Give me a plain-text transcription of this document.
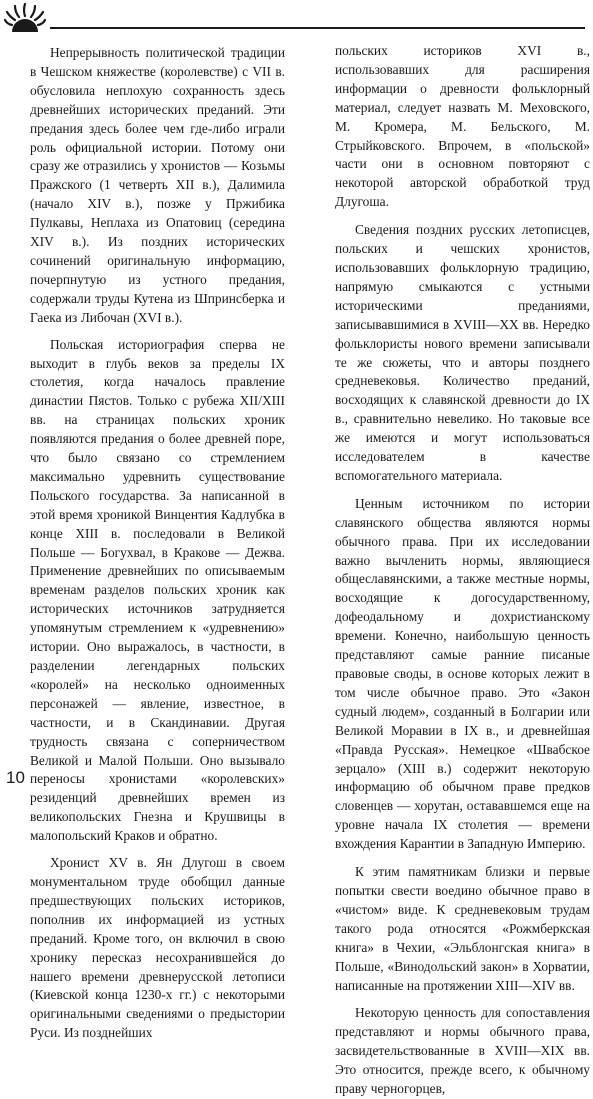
Непрерывность политической традиции в Чешском княжестве (королевстве) с VII в. обусловила неплохую сохранность здесь древнейших исторических преданий. Эти предания здесь более чем где-либо играли роль официальной истории. Потому они сразу же отразились у хронистов — Козьмы Пражского (1 четверть XII в.), Далимила (начало XIV в.), позже у Пржибика Пулкавы, Неплаха из Опатовиц (середина XIV в.). Из поздних исторических сочинений оригинальную информацию, почерпнутую из устного предания, содержали труды Кутена из Шпринсберка и Гаека из Либочан (XVI в.).

Польская историография сперва не выходит в глубь веков за пределы IX столетия, когда началось правление династии Пястов. Только с рубежа XII/XIII вв. на страницах польских хроник появляются предания о более древней поре, что было связано со стремлением максимально удревнить существование Польского государства. За написанной в этой время хроникой Винцентия Кадлубка в конце XIII в. последовали в Великой Польше — Богухвал, в Кракове — Дежва. Применение древнейших по описываемым временам разделов польских хроник как исторических источников затрудняется упомянутым стремлением к «удревнению» истории. Оно выражалось, в частности, в разделении легендарных польских «королей» на несколько одноименных персонажей — явление, известное, в частности, и в Скандинавии. Другая трудность связана с соперничеством Великой и Малой Польши. Оно вызывало переносы хронистами «королевских» резиденций древнейших времен из великопольских Гнезна и Крушвицы в малопольский Краков и обратно.

Хронист XV в. Ян Длугош в своем монументальном труде обобщил данные предшествующих польских историков, пополнив их информацией из устных преданий. Кроме того, он включил в свою хронику пересказ несохранившейся до нашего времени древнерусской летописи (Киевской конца 1230-х гг.) с некоторыми оригинальными сведениями о предыстории Руси. Из позднейших

польских историков XVI в., использовавших для расширения информации о древности фольклорный материал, следует назвать М. Меховского, М. Кромера, М. Бельского, М. Стрыйковского. Впрочем, в «польской» части они в основном повторяют с некоторой авторской обработкой труд Длугоша.

Сведения поздних русских летописцев, польских и чешских хронистов, использовавших фольклорную традицию, напрямую смыкаются с устными историческими преданиями, записывавшимися в XVIII—XX вв. Нередко фольклористы нового времени записывали те же сюжеты, что и авторы позднего средневековья. Количество преданий, восходящих к славянской древности до IX в., сравнительно невелико. Но таковые все же имеются и могут использоваться исследователем в качестве вспомогательного материала.

Ценным источником по истории славянского общества являются нормы обычного права. При их исследовании важно вычленить нормы, являющиеся общеславянскими, а также местные нормы, восходящие к догосударственному, дофеодальному и дохристианскому времени. Конечно, наибольшую ценность представляют самые ранние писаные правовые своды, в основе которых лежит в том числе обычное право. Это «Закон судный людем», созданный в Болгарии или Великой Моравии в IX в., и древнейшая «Правда Русская». Немецкое «Швабское зерцало» (XIII в.) содержит некоторую информацию об обычном праве предков словенцев — хорутан, остававшемся еще на уровне начала IX столетия — времени вхождения Карантии в Западную Империю.

К этим памятникам близки и первые попытки свести воедино обычное право в «чистом» виде. К средневековым трудам такого рода относятся «Рожмберкская книга» в Чехии, «Эльблонгская книга» в Польше, «Винодольский закон» в Хорватии, написанные на протяжении XIII—XIV вв.

Некоторую ценность для сопоставления представляют и нормы обычного права, засвидетельствованные в XVIII—XIX вв. Это относится, прежде всего, к обычному праву черногорцев,

10
